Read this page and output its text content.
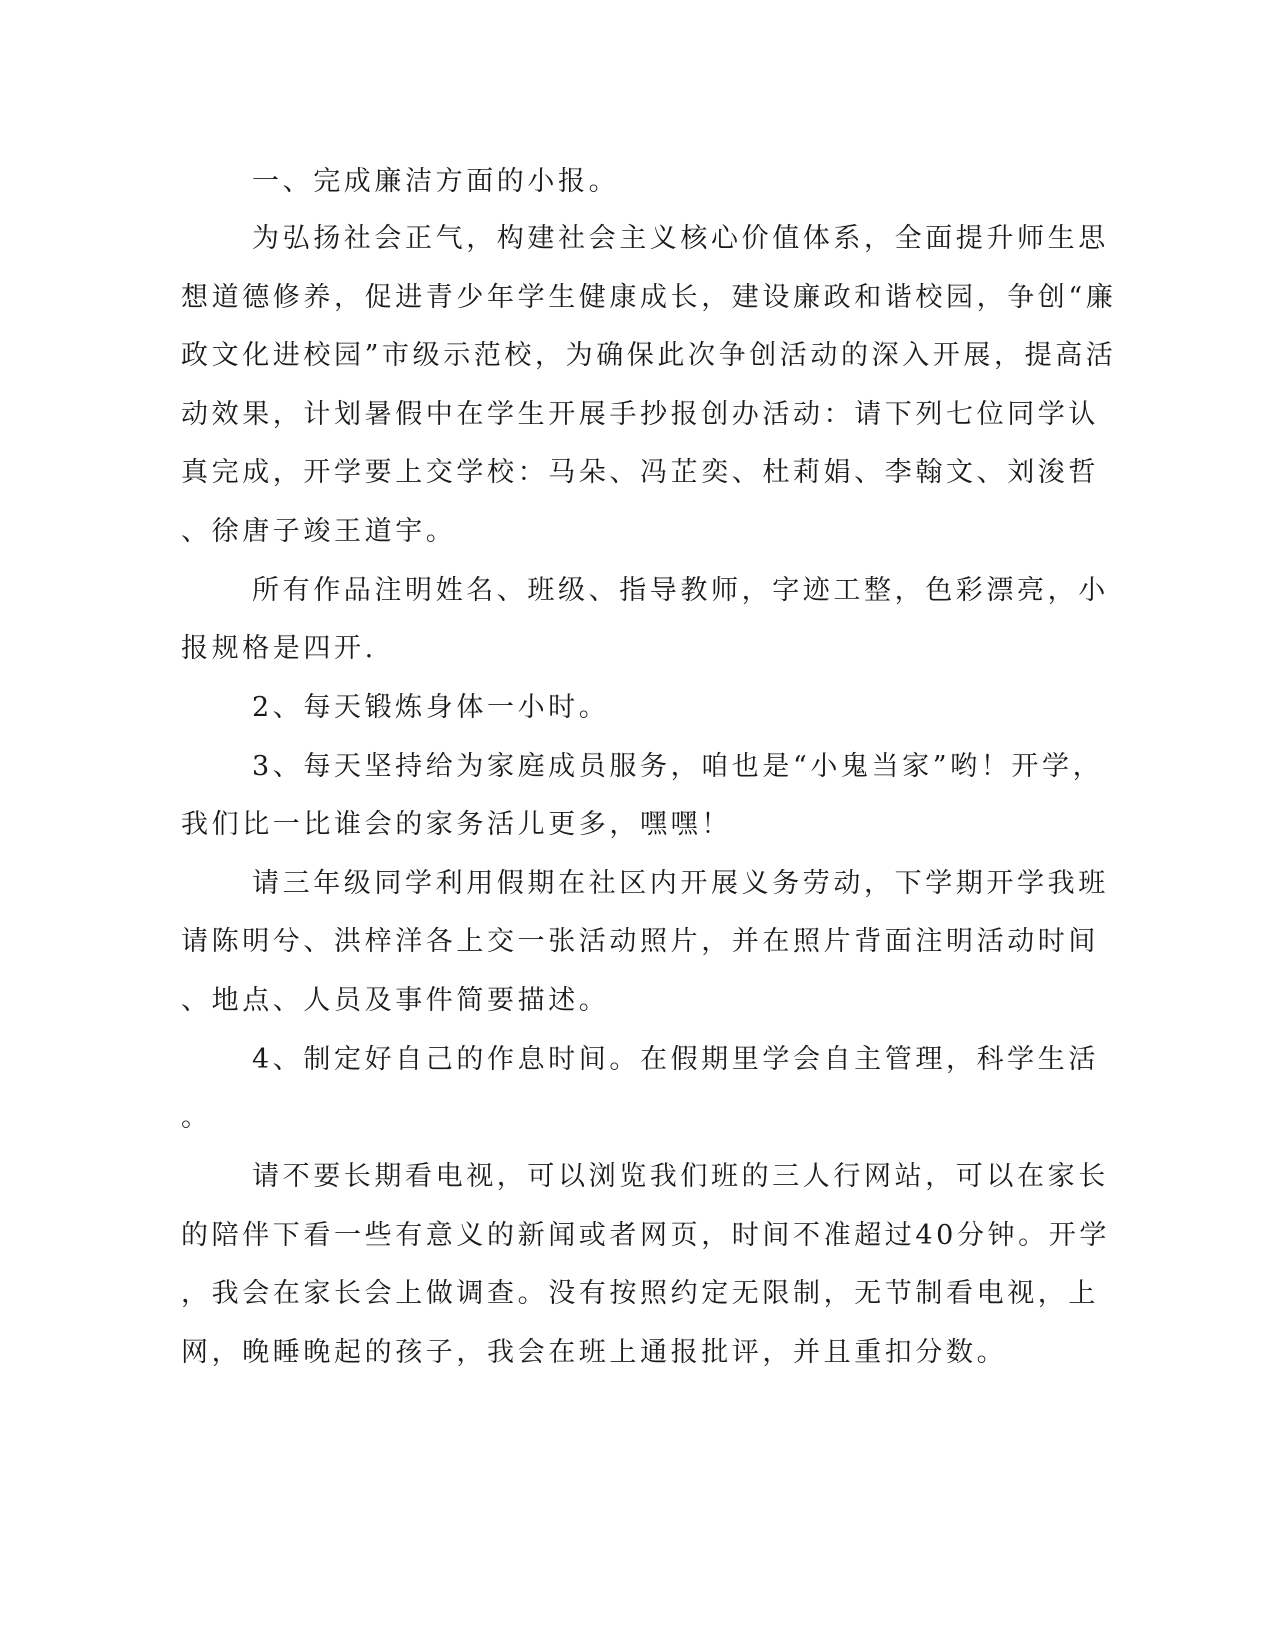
一、完成廉洁方面的小报。

为弘扬社会正气，构建社会主义核心价值体系，全面提升师生思

想道德修养，促进青少年学生健康成长，建设廉政和谐校园，争创“廉

政文化进校园”市级示范校，为确保此次争创活动的深入开展，提高活

动效果，计划暑假中在学生开展手抄报创办活动：请下列七位同学认

真完成，开学要上交学校：马朵、冯芷奕、杜莉娟、李翰文、刘浚哲

、徐唐子竣王道宇。

所有作品注明姓名、班级、指导教师，字迹工整，色彩漂亮，小

报规格是四开.

2、每天锻炼身体一小时。

3、每天坚持给为家庭成员服务，咱也是“小鬼当家”哟！开学，

我们比一比谁会的家务活儿更多，嘿嘿！

请三年级同学利用假期在社区内开展义务劳动，下学期开学我班

请陈明兮、洪梓洋各上交一张活动照片，并在照片背面注明活动时间

、地点、人员及事件简要描述。

4、制定好自己的作息时间。在假期里学会自主管理，科学生活

。

请不要长期看电视，可以浏览我们班的三人行网站，可以在家长

的陪伴下看一些有意义的新闻或者网页，时间不准超过40分钟。开学

，我会在家长会上做调查。没有按照约定无限制，无节制看电视，上

网，晚睡晚起的孩子，我会在班上通报批评，并且重扣分数。
